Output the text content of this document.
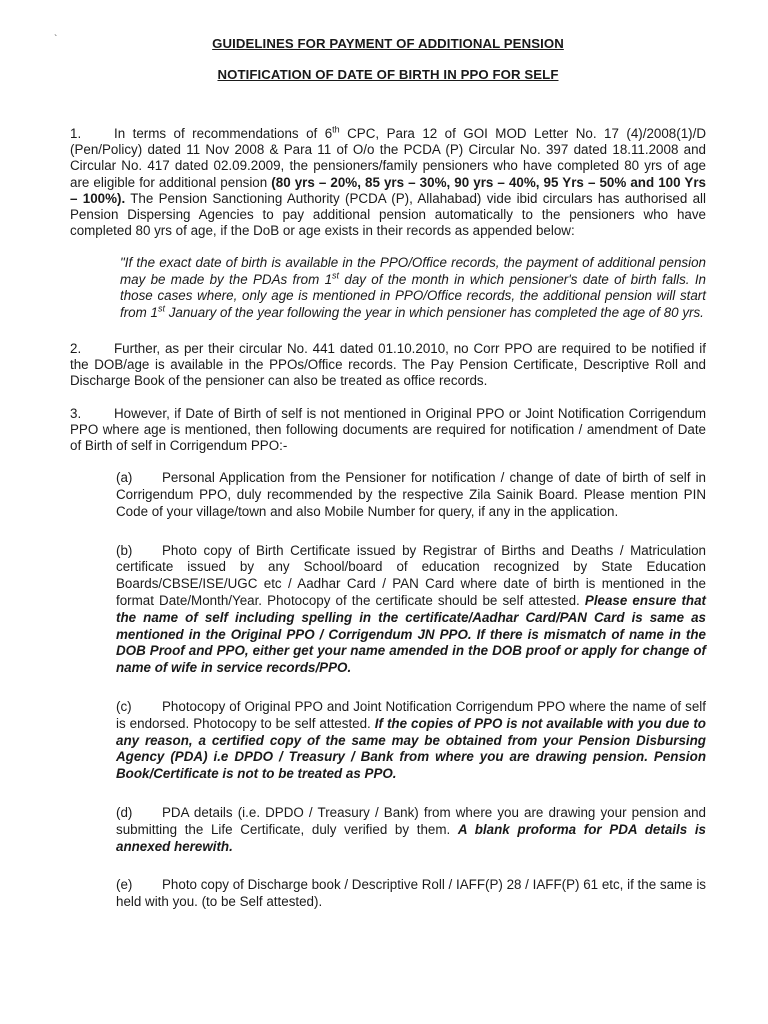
`	GUIDELINES FOR PAYMENT OF ADDITIONAL PENSION
NOTIFICATION OF DATE OF BIRTH IN PPO FOR SELF

1. In terms of recommendations of 6th CPC, Para 12 of GOI MOD Letter No. 17 (4)/2008(1)/D (Pen/Policy) dated 11 Nov 2008 & Para 11 of O/o the PCDA (P) Circular No. 397 dated 18.11.2008 and Circular No. 417 dated 02.09.2009, the pensioners/family pensioners who have completed 80 yrs of age are eligible for additional pension (80 yrs – 20%, 85 yrs – 30%, 90 yrs – 40%, 95 Yrs – 50% and 100 Yrs – 100%). The Pension Sanctioning Authority (PCDA (P), Allahabad) vide ibid circulars has authorised all Pension Dispersing Agencies to pay additional pension automatically to the pensioners who have completed 80 yrs of age, if the DoB or age exists in their records as appended below:

"If the exact date of birth is available in the PPO/Office records, the payment of additional pension may be made by the PDAs from 1st day of the month in which pensioner's date of birth falls. In those cases where, only age is mentioned in PPO/Office records, the additional pension will start from 1st January of the year following the year in which pensioner has completed the age of 80 yrs.

2. Further, as per their circular No. 441 dated 01.10.2010, no Corr PPO are required to be notified if the DOB/age is available in the PPOs/Office records. The Pay Pension Certificate, Descriptive Roll and Discharge Book of the pensioner can also be treated as office records.

3. However, if Date of Birth of self is not mentioned in Original PPO or Joint Notification Corrigendum PPO where age is mentioned, then following documents are required for notification / amendment of Date of Birth of self in Corrigendum PPO:-

(a) Personal Application from the Pensioner for notification / change of date of birth of self in Corrigendum PPO, duly recommended by the respective Zila Sainik Board. Please mention PIN Code of your village/town and also Mobile Number for query, if any in the application.

(b) Photo copy of Birth Certificate issued by Registrar of Births and Deaths / Matriculation certificate issued by any School/board of education recognized by State Education Boards/CBSE/ISE/UGC etc / Aadhar Card / PAN Card where date of birth is mentioned in the format Date/Month/Year. Photocopy of the certificate should be self attested. Please ensure that the name of self including spelling in the certificate/Aadhar Card/PAN Card is same as mentioned in the Original PPO / Corrigendum JN PPO. If there is mismatch of name in the DOB Proof and PPO, either get your name amended in the DOB proof or apply for change of name of wife in service records/PPO.

(c) Photocopy of Original PPO and Joint Notification Corrigendum PPO where the name of self is endorsed. Photocopy to be self attested. If the copies of PPO is not available with you due to any reason, a certified copy of the same may be obtained from your Pension Disbursing Agency (PDA) i.e DPDO / Treasury / Bank from where you are drawing pension. Pension Book/Certificate is not to be treated as PPO.

(d) PDA details (i.e. DPDO / Treasury / Bank) from where you are drawing your pension and submitting the Life Certificate, duly verified by them. A blank proforma for PDA details is annexed herewith.

(e) Photo copy of Discharge book / Descriptive Roll / IAFF(P) 28 / IAFF(P) 61 etc, if the same is held with you. (to be Self attested).
